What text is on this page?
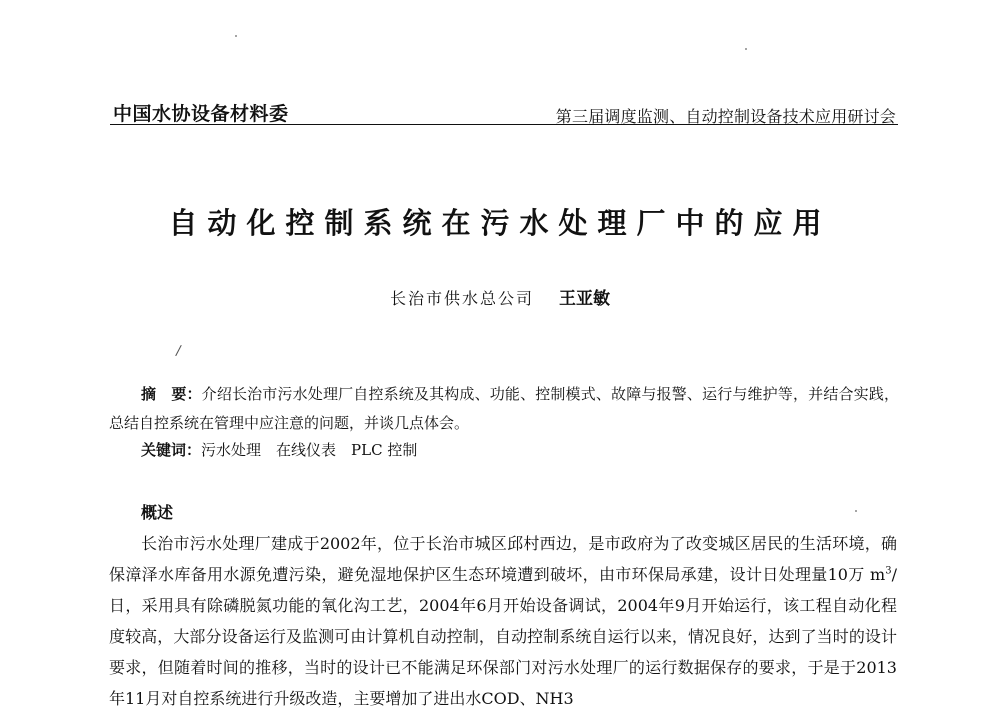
中国水协设备材料委	第三届调度监测、自动控制设备技术应用研讨会
自动化控制系统在污水处理厂中的应用
长治市供水总公司 王亚敏
/
摘　要：介绍长治市污水处理厂自控系统及其构成、功能、控制模式、故障与报警、运行与维护等，并结合实践，总结自控系统在管理中应注意的问题，并谈几点体会。
关键词：污水处理　在线仪表　PLC 控制
概述
长治市污水处理厂建成于2002年，位于长治市城区邱村西边，是市政府为了改变城区居民的生活环境，确保漳泽水库备用水源免遭污染，避免湿地保护区生态环境遭到破坏，由市环保局承建，设计日处理量10万 $m^3/$日，采用具有除磷脱氮功能的氧化沟工艺，2004年6月开始设备调试，2004年9月开始运行，该工程自动化程度较高，大部分设备运行及监测可由计算机自动控制，自动控制系统自运行以来，情况良好，达到了当时的设计要求，但随着时间的推移，当时的设计已不能满足环保部门对污水处理厂的运行数据保存的要求，于是于2013年11月对自控系统进行升级改造，主要增加了进出水COD、NH3
